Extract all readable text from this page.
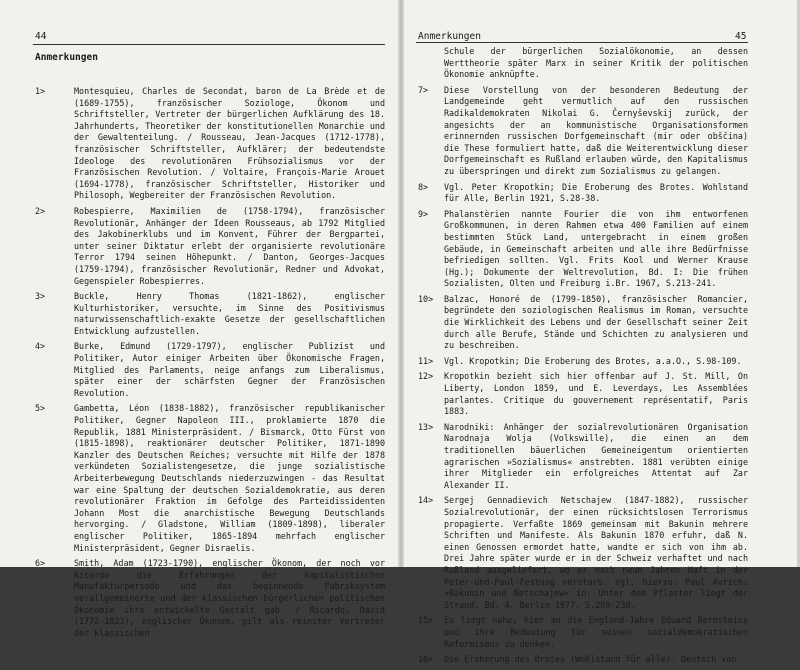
44
Anmerkungen
1>	Montesquieu, Charles de Secondat, baron de La Brède et de (1689-1755), französischer Soziologe, Ökonom und Schriftsteller, Vertreter der bürgerlichen Aufklärung des 18. Jahrhunderts, Theoretiker der konstitutionellen Monarchie und der Gewaltenteilung. / Rousseau, Jean-Jacques (1712-1778), französischer Schriftsteller, Aufklärer; der bedeutendste Ideologe des revolutionären Frühsozialismus vor der Französischen Revolution. / Voltaire, François-Marie Arouet (1694-1778), französischer Schriftsteller, Historiker und Philosoph, Wegbereiter der Französischen Revolution.
2>	Robespierre, Maximilien de (1758-1794), französischer Revolutionär, Anhänger der Ideen Rousseaus, ab 1792 Mitglied des Jakobinerklubs und im Konvent, Führer der Bergpartei, unter seiner Diktatur erlebt der organisierte revolutionäre Terror 1794 seinen Höhepunkt. / Danton, Georges-Jacques (1759-1794), französischer Revolutionär, Redner und Advokat, Gegenspieler Robespierres.
3>	Buckle, Henry Thomas (1821-1862), englischer Kulturhistoriker, versuchte, im Sinne des Positivismus naturwissenschaftlich-exakte Gesetze der gesellschaftlichen Entwicklung aufzustellen.
4>	Burke, Edmund (1729-1797), englischer Publizist und Politiker, Autor einiger Arbeiten über Ökonomische Fragen, Mitglied des Parlaments, neige anfangs zum Liberalismus, später einer der schärfsten Gegner der Französischen Revolution.
5>	Gambetta, Léon (1838-1882), französischer republikanischer Politiker, Gegner Napoleon III., proklamierte 1870 die Republik, 1881 Ministerpräsident. / Bismarck, Otto Fürst von (1815-1898), reaktionärer deutscher Politiker, 1871-1890 Kanzler des Deutschen Reiches; versuchte mit Hilfe der 1878 verkündeten Sozialistengesetze, die junge sozialistische Arbeiterbewegung Deutschlands niederzuzwingen - das Resultat war eine Spaltung der deutschen Sozialdemokratie, aus deren revolutionärer Fraktion im Gefolge des Parteidissidenten Johann Most die anarchistische Bewegung Deutschlands hervorging. / Gladstone, William (1809-1898), liberaler englischer Politiker, 1865-1894 mehrfach englischer Ministerpräsident, Gegner Disraelis.
6>	Smith, Adam (1723-1790), englischer Ökonom, der noch vor Ricardo die Erfahrungen der kapitalistischen Manufakturperiode und das beginnende Fabriksystem verallgemeinerte und der klassischen bürgerlichen politischen Ökonomie ihre entwickelte Gestalt gab. / Ricardo, David (1772-1823), englischer Ökonom, gilt als reinster Vertreter der klassischen
Anmerkungen	45
Schule der bürgerlichen Sozialökonomie, an dessen Werttheorie später Marx in seiner Kritik der politischen Ökonomie anknüpfte.
7>	Diese Vorstellung von der besonderen Bedeutung der Landgemeinde geht vermutlich auf den russischen Radikaldemokraten Nikolai G. Černyševskij zurück, der angesichts der an kommunistische Organisationsformen erinnernden russischen Dorfgemeinschaft (mir oder obščina) die These formuliert hatte, daß die Weiterentwicklung dieser Dorfgemeinschaft es Rußland erlauben würde, den Kapitalismus zu überspringen und direkt zum Sozialismus zu gelangen.
8>	Vgl. Peter Kropotkin; Die Eroberung des Brotes. Wohlstand für Alle, Berlin 1921, S.28-38.
9>	Phalanstèrien nannte Fourier die von ihm entworfenen Großkommunen, in deren Rahmen etwa 400 Familien auf einem bestimmten Stück Land, untergebracht in einem großen Gebäude, in Gemeinschaft arbeiten und alle ihre Bedürfnisse befriedigen sollten. Vgl. Frits Kool und Werner Krause (Hg.); Dokumente der Weltrevolution, Bd. I: Die frühen Sozialisten, Olten und Freiburg i.Br. 1967, S.213-241.
10>	Balzac, Honoré de (1799-1850), französischer Romancier, begründete den soziologischen Realismus im Roman, versuchte die Wirklichkeit des Lebens und der Gesellschaft seiner Zeit durch alle Berufe, Stände und Schichten zu analysieren und zu beschreiben.
11>	Vgl. Kropotkin; Die Eroberung des Brotes, a.a.O., S.98-109.
12>	Kropotkin bezieht sich hier offenbar auf J. St. Mill, On Liberty, London 1859, und E. Leverdays, Les Assemblées parlantes. Critique du gouvernement représentatif, Paris 1883.
13>	Narodniki: Anhänger der sozialrevolutionären Organisation Narodnaja Wolja (Volkswille), die einen an dem traditionellen bäuerlichen Gemeineigentum orientierten agrarischen »Sozialismus« anstrebten. 1881 verübten einige ihrer Mitglieder ein erfolgreiches Attentat auf Zar Alexander II.
14>	Sergej Gennadievich Netschajew (1847-1882), russischer Sozialrevolutionär, der einen rücksichtslosen Terrorismus propagierte. Verfaßte 1869 gemeinsam mit Bakunin mehrere Schriften und Manifeste. Als Bakunin 1870 erfuhr, daß N. einen Genossen ermordet hatte, wandte er sich von ihm ab. Drei Jahre später wurde er in der Schweiz verhaftet und nach Rußland ausgeliefert, wo er nach neun Jahren Haft in der Peter-und-Paul-Festung verstarb. Vgl. hierzu: Paul Avrich; »Bakunin und Netschajew« in: Unter dem Pflaster liegt der Strand, Bd. 4, Berlin 1977, S.209-238.
15>	Es liegt nahe, hier an die England-Jahre Eduard Bernsteins und ihre Bedeutung für seinen sozialdemokratischen Reformismus zu denken.
16>	Die Eroberung des Brotes (Wohlstand für alle). Deutsch von
